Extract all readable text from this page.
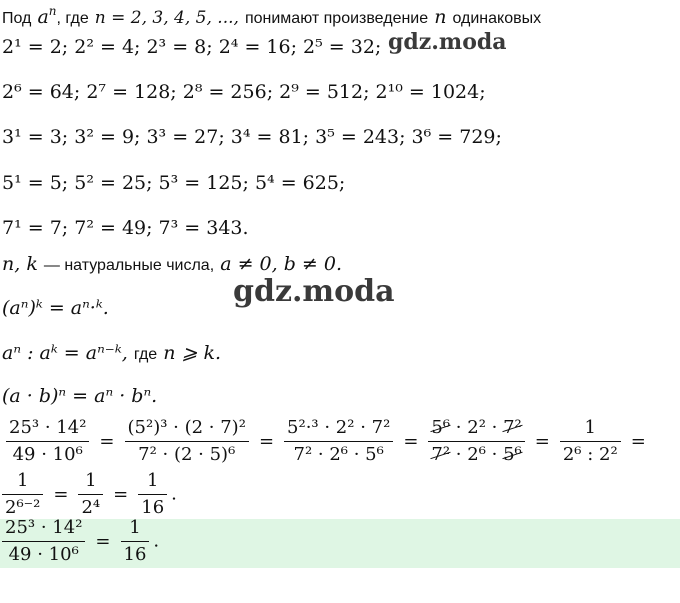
Под $a^n$, где n = 2, 3, 4, 5, ..., понимают произведение n одинаковых
2¹ = 2; 2² = 4; 2³ = 8; 2⁴ = 16; 2⁵ = 32; gdz.moda
2⁶ = 64; 2⁷ = 128; 2⁸ = 256; 2⁹ = 512; 2¹⁰ = 1024;
3¹ = 3; 3² = 9; 3³ = 27; 3⁴ = 81; 3⁵ = 243; 3⁶ = 729;
5¹ = 5; 5² = 25; 5³ = 125; 5⁴ = 625;
7¹ = 7; 7² = 49; 7³ = 343.
n, k — натуральные числа, a ≠ 0, b ≠ 0.
(aⁿ)ᵏ = aⁿ·ᵏ.	gdz.moda
aⁿ : aᵏ = aⁿ⁻ᵏ, где n ⩾ k.
(a · b)ⁿ = aⁿ · bⁿ.
$\frac{\text{25³ · 14²}}{\text{49 · 10⁶}} = \frac{\text{(5²)³ · (2 · 7)²}}{\text{7² · (2 · 5)⁶}} = \frac{\text{5²·³ · 2² · 7²}}{\text{7² · 2⁶ · 5⁶}} = \frac{\text{5⁶ · 2² · 7²}}{\text{7² · 2⁶ · 5⁶}} = \frac{1}{\text{2⁶ : 2²}}$ =
$\frac{1}{\text{2⁶⁻²}} = \frac{1}{\text{2⁴}} = \frac{1}{16}$ .
$\frac{\text{25³ · 14²}}{\text{49 · 10⁶}} = \frac{1}{16}$ .
